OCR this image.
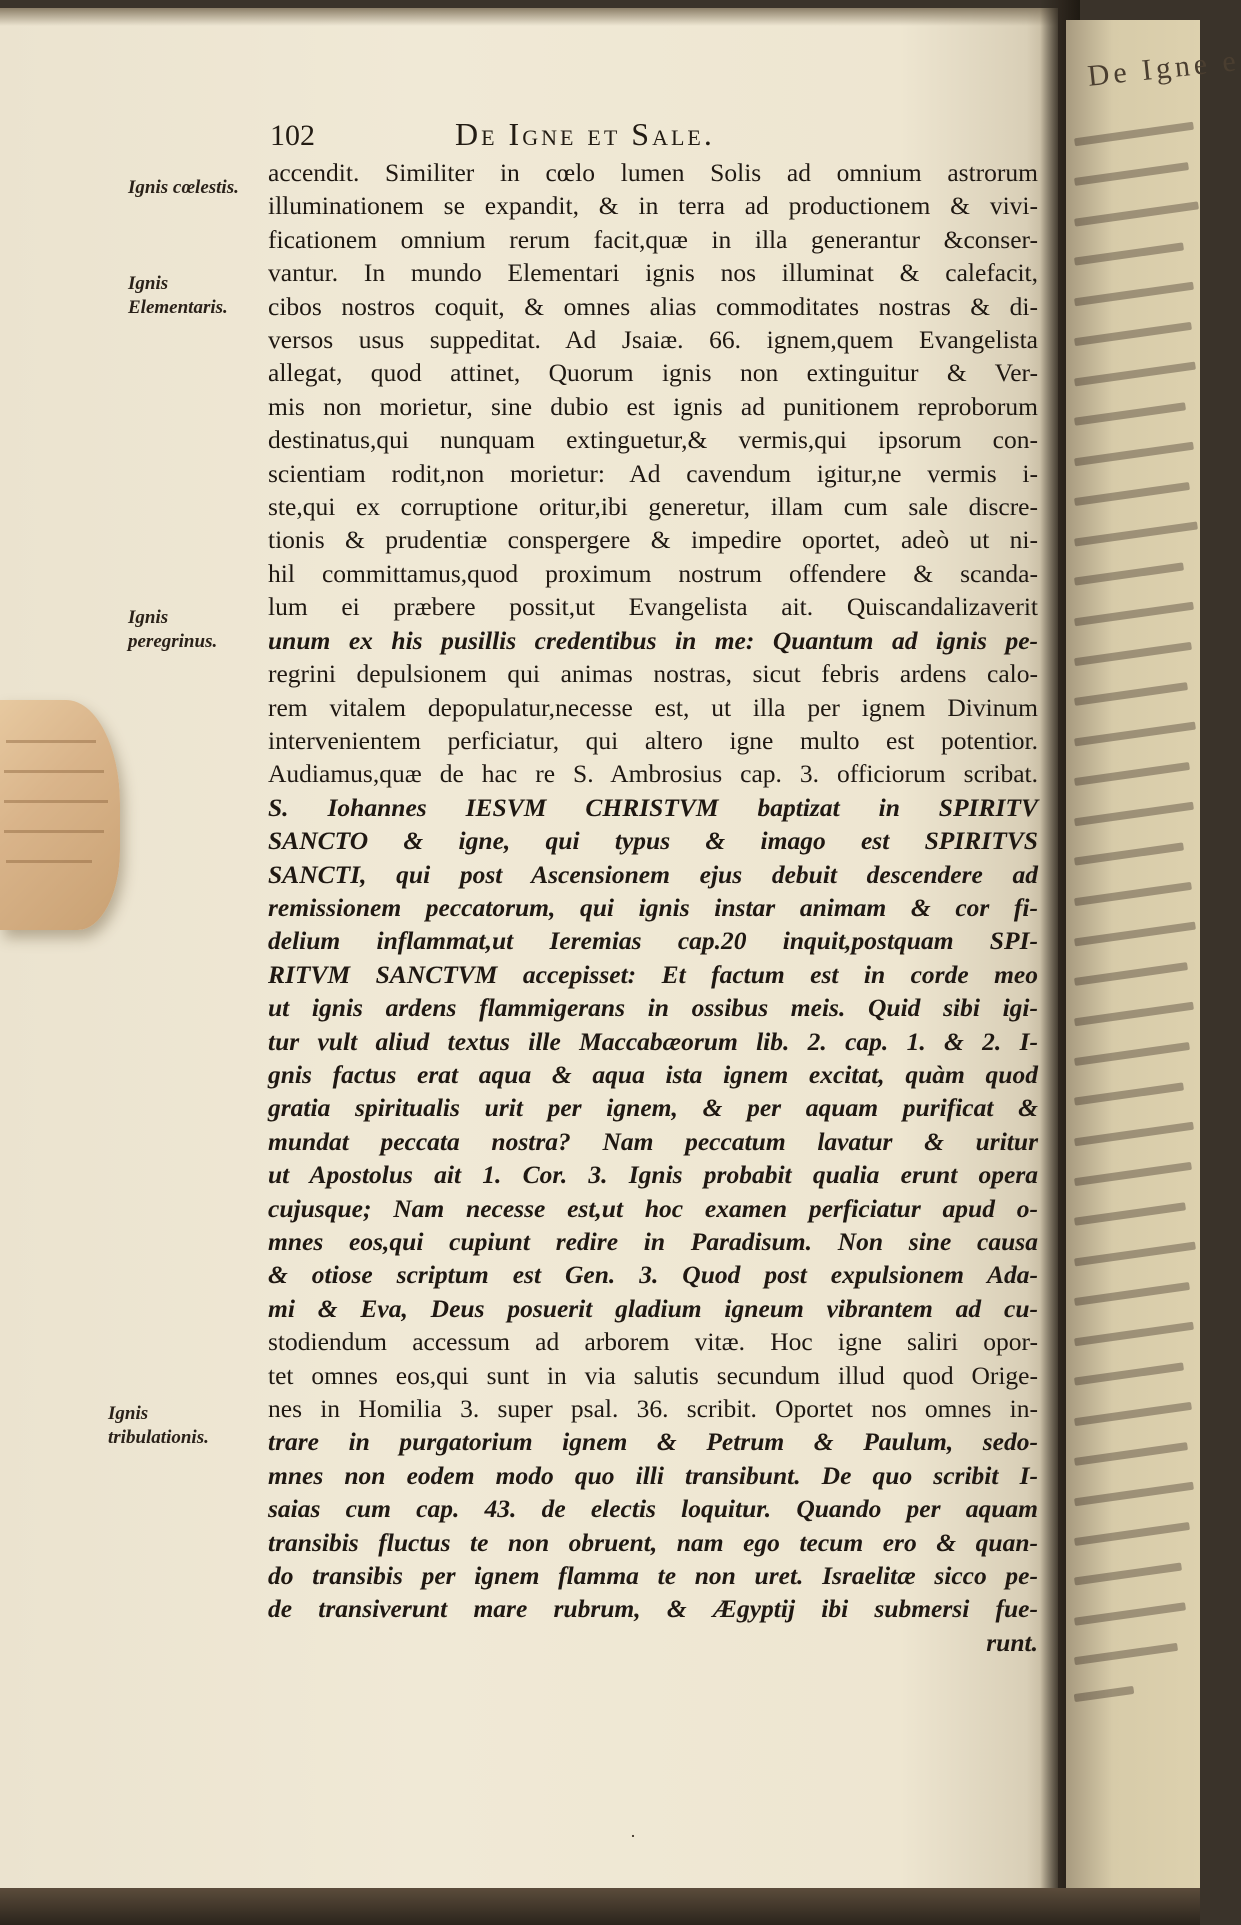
102	De Igne et Sale.
Ignis cœlestis.
Ignis Elementaris.
Ignis peregrinus.
Ignis tribulationis.

accendit. Similiter in cœlo lumen Solis ad omnium astrorum
illuminationem se expandit, & in terra ad productionem & vivi-
ficationem omnium rerum facit,quæ in illa generantur &conser-
vantur. In mundo Elementari ignis nos illuminat & calefacit,
cibos nostros coquit, & omnes alias commoditates nostras & di-
versos usus suppeditat. Ad Jsaiæ. 66. ignem,quem Evangelista
allegat, quod attinet, Quorum ignis non extinguitur & Ver-
mis non morietur, sine dubio est ignis ad punitionem reproborum
destinatus,qui nunquam extinguetur,& vermis,qui ipsorum con-
scientiam rodit,non morietur: Ad cavendum igitur,ne vermis i-
ste,qui ex corruptione oritur,ibi generetur, illam cum sale discre-
tionis & prudentiæ conspergere & impedire oportet, adeò ut ni-
hil committamus,quod proximum nostrum offendere & scanda-
lum ei præbere possit,ut Evangelista ait. Quiscandalizaverit
unum ex his pusillis credentibus in me: Quantum ad ignis pe-
regrini depulsionem qui animas nostras, sicut febris ardens calo-
rem vitalem depopulatur,necesse est, ut illa per ignem Divinum
intervenientem perficiatur, qui altero igne multo est potentior.
Audiamus,quæ de hac re S. Ambrosius cap. 3. officiorum scribat.
S. Iohannes IESVM CHRISTVM baptizat in SPIRITV
SANCTO & igne, qui typus & imago est SPIRITVS
SANCTI, qui post Ascensionem ejus debuit descendere ad
remissionem peccatorum, qui ignis instar animam & cor fi-
delium inflammat,ut Ieremias cap.20 inquit,postquam SPI-
RITVM SANCTVM accepisset: Et factum est in corde meo
ut ignis ardens flammigerans in ossibus meis. Quid sibi igi-
tur vult aliud textus ille Maccabæorum lib. 2. cap. 1. & 2. I-
gnis factus erat aqua & aqua ista ignem excitat, quàm quod
gratia spiritualis urit per ignem, & per aquam purificat &
mundat peccata nostra? Nam peccatum lavatur & uritur
ut Apostolus ait 1. Cor. 3. Ignis probabit qualia erunt opera
cujusque; Nam necesse est,ut hoc examen perficiatur apud o-
mnes eos,qui cupiunt redire in Paradisum. Non sine causa
& otiose scriptum est Gen. 3. Quod post expulsionem Ada-
mi & Eva, Deus posuerit gladium igneum vibrantem ad cu-
stodiendum accessum ad arborem vitæ. Hoc igne saliri opor-
tet omnes eos,qui sunt in via salutis secundum illud quod Orige-
nes in Homilia 3. super psal. 36. scribit. Oportet nos omnes in-
trare in purgatorium ignem & Petrum & Paulum, sedo-
mnes non eodem modo quo illi transibunt. De quo scribit I-
saias cum cap. 43. de electis loquitur. Quando per aquam
transibis fluctus te non obruent, nam ego tecum ero & quan-
do transibis per ignem flamma te non uret. Israelitæ sicco pe-
de transiverunt mare rubrum, & Ægyptij ibi submersi fue-
runt.

·
De Igne e
